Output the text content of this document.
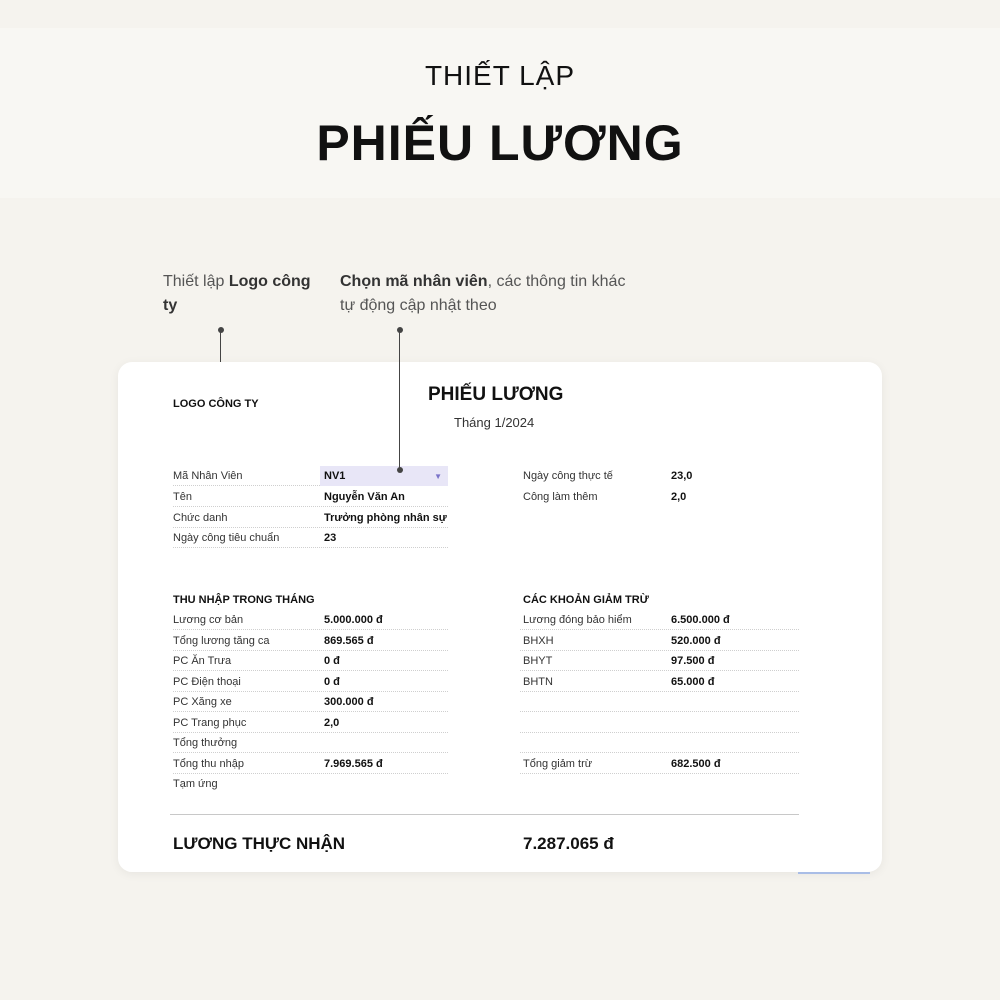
THIẾT LẬP
PHIẾU LƯƠNG
Thiết lập Logo công ty
Chọn mã nhân viên, các thông tin khác tự động cập nhật theo
LOGO CÔNG TY	PHIẾU LƯƠNG
Tháng 1/2024
Mã Nhân Viên	NV1	▼
Tên	Nguyễn Văn An
Chức danh	Trưởng phòng nhân sự
Ngày công tiêu chuẩn	23
Ngày công thực tế	23,0
Công làm thêm	2,0
THU NHẬP TRONG THÁNG	CÁC KHOẢN GIẢM TRỪ
Lương cơ bản	5.000.000 đ
Tổng lương tăng ca	869.565 đ
PC Ăn Trưa	0 đ
PC Điện thoại	0 đ
PC Xăng xe	300.000 đ
PC Trang phục	2,0
Tổng thưởng
Tổng thu nhập	7.969.565 đ
Tạm ứng
Lương đóng bảo hiểm	6.500.000 đ
BHXH	520.000 đ
BHYT	97.500 đ
BHTN	65.000 đ
Tổng giảm trừ	682.500 đ
LƯƠNG THỰC NHẬN	7.287.065 đ
